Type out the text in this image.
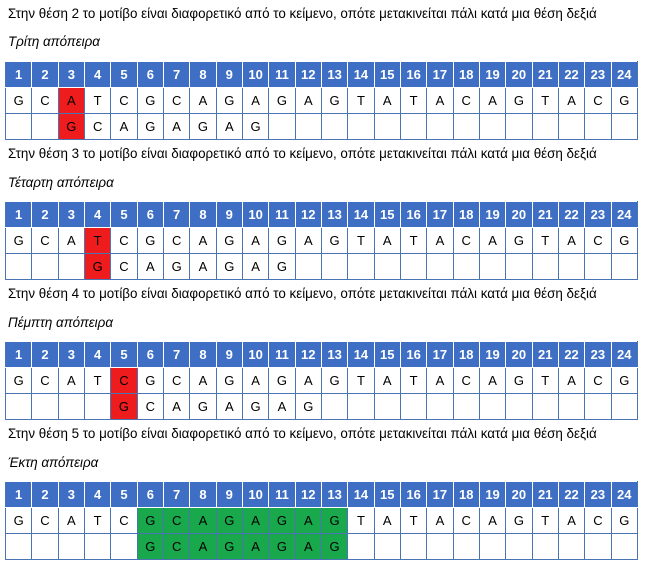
Στην θέση 2 το μοτίβο είναι διαφορετικό από το κείμενο, οπότε μετακινείται πάλι κατά μια θέση δεξιά
Τρίτη απόπειρα
1	2	3	4	5	6	7	8	9	10	11	12	13	14	15	16	17	18	19	20	21	22	23	24
G	C	A	T	C	G	C	A	G	A	G	A	G	T	A	T	A	C	A	G	T	A	C	G
		G	C	A	G	A	G	A	G														
Στην θέση 3 το μοτίβο είναι διαφορετικό από το κείμενο, οπότε μετακινείται πάλι κατά μια θέση δεξιά
Τέταρτη απόπειρα
1	2	3	4	5	6	7	8	9	10	11	12	13	14	15	16	17	18	19	20	21	22	23	24
G	C	A	T	C	G	C	A	G	A	G	A	G	T	A	T	A	C	A	G	T	A	C	G
			G	C	A	G	A	G	A	G													
Στην θέση 4 το μοτίβο είναι διαφορετικό από το κείμενο, οπότε μετακινείται πάλι κατά μια θέση δεξιά
Πέμπτη απόπειρα
1	2	3	4	5	6	7	8	9	10	11	12	13	14	15	16	17	18	19	20	21	22	23	24
G	C	A	T	C	G	C	A	G	A	G	A	G	T	A	T	A	C	A	G	T	A	C	G
				G	C	A	G	A	G	A	G												
Στην θέση 5 το μοτίβο είναι διαφορετικό από το κείμενο, οπότε μετακινείται πάλι κατά μια θέση δεξιά
Έκτη απόπειρα
1	2	3	4	5	6	7	8	9	10	11	12	13	14	15	16	17	18	19	20	21	22	23	24
G	C	A	T	C	G	C	A	G	A	G	A	G	T	A	T	A	C	A	G	T	A	C	G
					G	C	A	G	A	G	A	G											
